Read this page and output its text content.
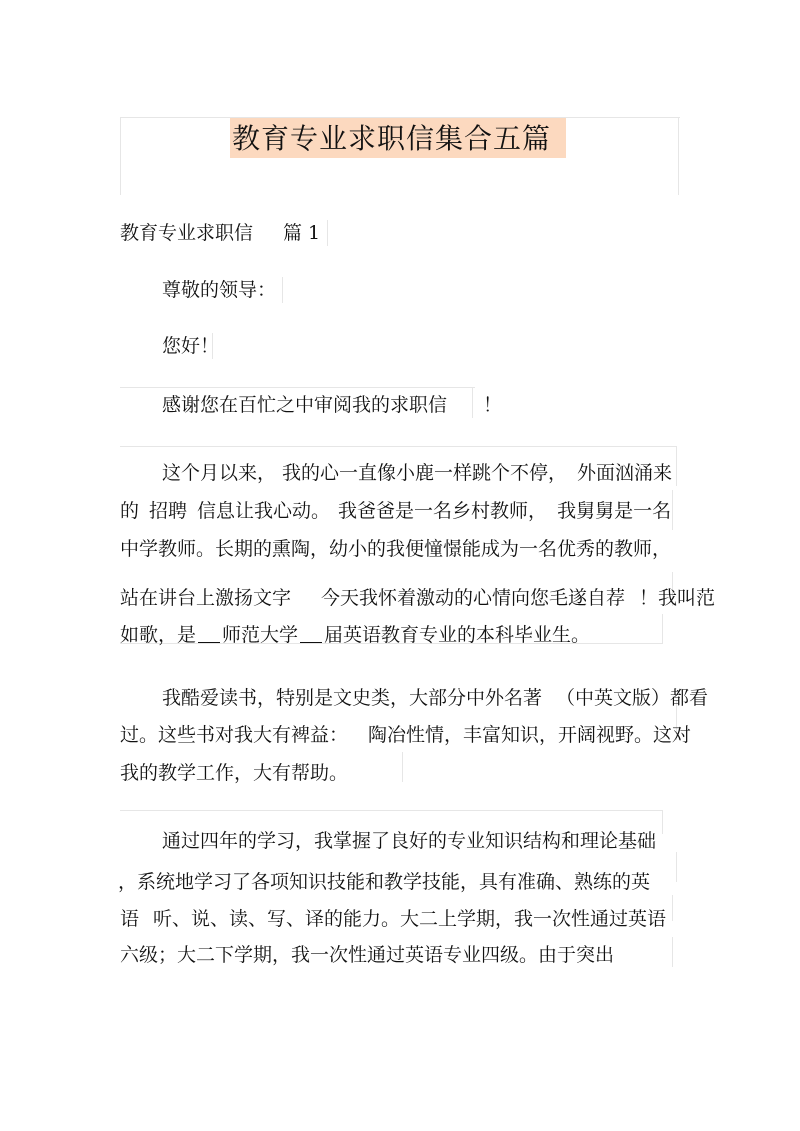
教育专业求职信集合五篇
教育专业求职信 篇 1
尊敬的领导：
您好！
感谢您在百忙之中审阅我的求职信 ！
这个月以来， 我的心一直像小鹿一样跳个不停， 外面汹涌来
的 招聘 信息让我心动。 我爸爸是一名乡村教师， 我舅舅是一名
中学教师。长期的熏陶，幼小的我便憧憬能成为一名优秀的教师，
站在讲台上激扬文字 今天我怀着激动的心情向您毛遂自荐 ！我叫范
如歌，是 师范大学 届英语教育专业的本科毕业生。
我酷爱读书，特别是文史类，大部分中外名著 （中英文版）都看
过。这些书对我大有裨益： 陶冶性情，丰富知识，开阔视野。这对
我的教学工作，大有帮助。
通过四年的学习，我掌握了良好的专业知识结构和理论基础
，系统地学习了各项知识技能和教学技能，具有准确、熟练的英
语 听、说、读、写、译的能力。大二上学期，我一次性通过英语
六级；大二下学期，我一次性通过英语专业四级。由于突出
